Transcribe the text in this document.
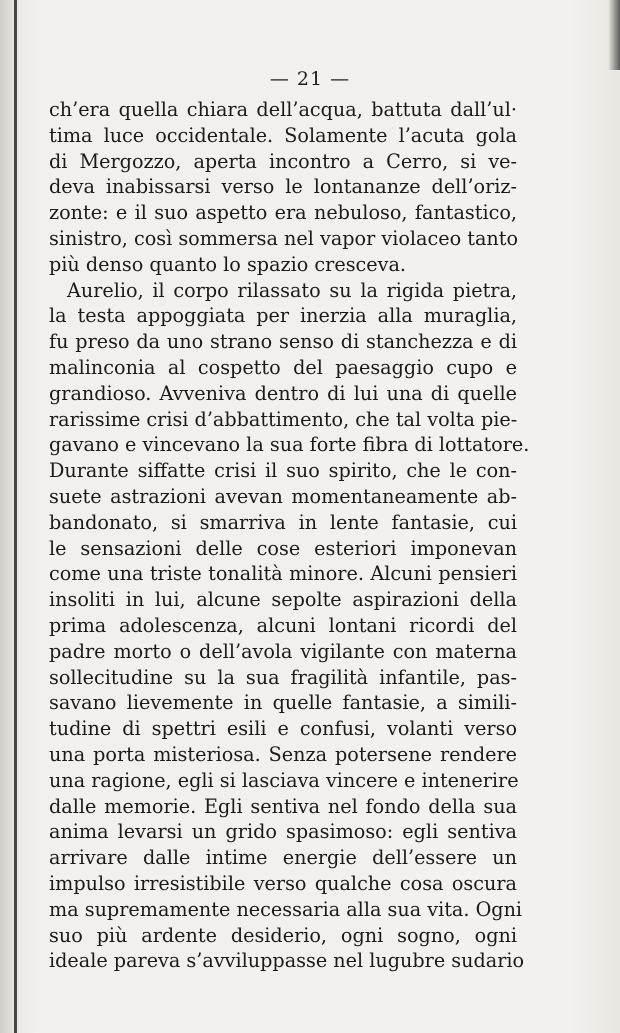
— 21 —
ch’era quella chiara dell’acqua, battuta dall’ul·
tima luce occidentale. Solamente l’acuta gola
di Mergozzo, aperta incontro a Cerro, si ve-
deva inabissarsi verso le lontananze dell’oriz-
zonte: e il suo aspetto era nebuloso, fantastico,
sinistro, così sommersa nel vapor violaceo tanto
più denso quanto lo spazio cresceva.
Aurelio, il corpo rilassato su la rigida pietra,
la testa appoggiata per inerzia alla muraglia,
fu preso da uno strano senso di stanchezza e di
malinconia al cospetto del paesaggio cupo e
grandioso. Avveniva dentro di lui una di quelle
rarissime crisi d’abbattimento, che tal volta pie-
gavano e vincevano la sua forte fibra di lottatore.
Durante siffatte crisi il suo spirito, che le con-
suete astrazioni avevan momentaneamente ab-
bandonato, si smarriva in lente fantasie, cui
le sensazioni delle cose esteriori imponevan
come una triste tonalità minore. Alcuni pensieri
insoliti in lui, alcune sepolte aspirazioni della
prima adolescenza, alcuni lontani ricordi del
padre morto o dell’avola vigilante con materna
sollecitudine su la sua fragilità infantile, pas-
savano lievemente in quelle fantasie, a simili-
tudine di spettri esili e confusi, volanti verso
una porta misteriosa. Senza potersene rendere
una ragione, egli si lasciava vincere e intenerire
dalle memorie. Egli sentiva nel fondo della sua
anima levarsi un grido spasimoso: egli sentiva
arrivare dalle intime energie dell’essere un
impulso irresistibile verso qualche cosa oscura
ma supremamente necessaria alla sua vita. Ogni
suo più ardente desiderio, ogni sogno, ogni
ideale pareva s’avviluppasse nel lugubre sudario
